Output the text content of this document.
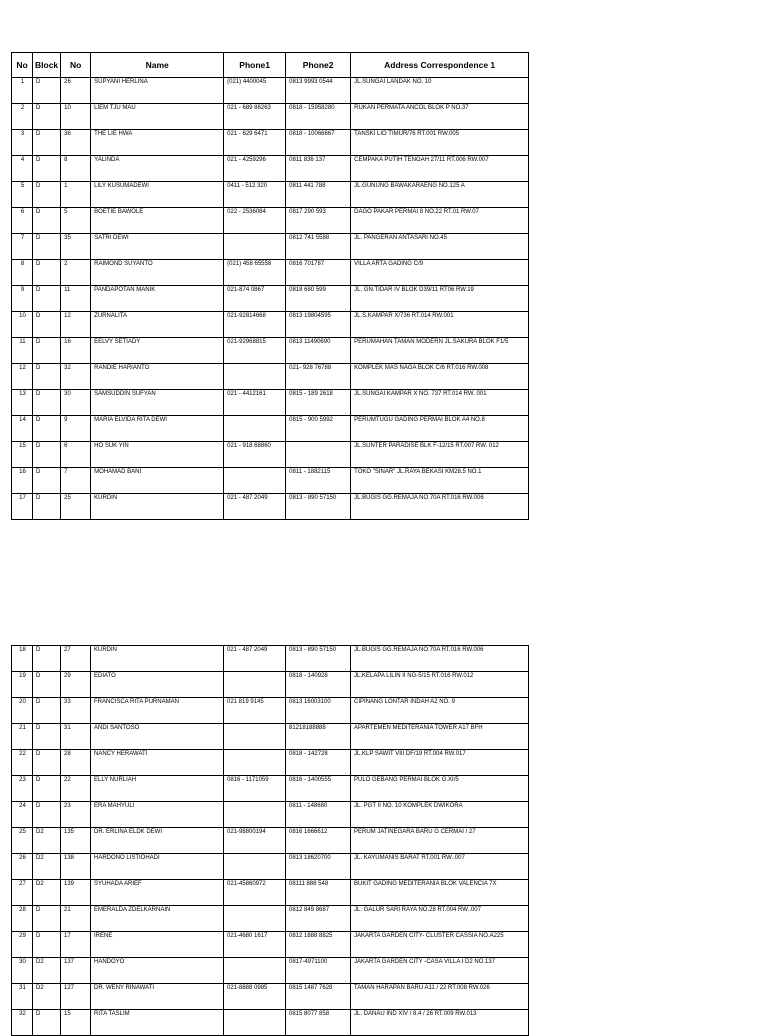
No	Block	No	Name	Phone1	Phone2	Address Correspondence 1
1	D	26	SUPYANI HERLINA	(021) 4400045	0813 9993 0544	JL.SUNGAI LANDAK NO. 10
2	D	10	LIEM TJU MAU	021 - 689 86263	0818 - 15958280	RUKAN PERMATA ANCOL BLOK P NO.37
3	D	36	THE LIE HWA	021 - 629 6471	0818 - 10066667	TANSKI LIO TIMUR/76 RT.001 RW.005
4	D	8	YALINDA	021 - 4259296	0811 836 137	CEMPAKA PUTIH TENGAH 27/11 RT.006 RW.007
5	D	1	LILY KUSUMADEWI	0411 - 512 320	0811 441 788	JL.GUNUNG BAWAKARAENG NO.125 A
6	D	5	BOETIE BAWOLE	022 - 2536084	0817 290 593	DAGO PAKAR PERMAI 8 NO.22 RT.01 RW.07
7	D	35	SATRI DEWI		0812 741 5588	JL. PANGERAN ANTASARI NO.45
8	D	2	RAIMOND SUYANTO	(021) 458 65558	0816 701787	VILLA ARTA GADING C/9
9	D	11	PANDAPOTAN MANIK	021-874 0867	0818 680 599	JL. GN.TIDAR IV BLOK D39/11 RT06 RW.19
10	D	12	ZURNALITA	021-92814668	0813 19804595	JL.S.KAMPAR X/736 RT.014 RW.001
11	D	16	EELVY SETIADY	021-92968815	0813 11490690	PERUMAHAN TAMAN MODERN JL.SAKURA BLOK F1/5
12	D	32	RANDIE HARIANTO		021- 928 76788	KOMPLEK MAS NAGA BLOK C/6 RT.016 RW.008
13	D	30	SAMSUDDIN SUFYAN	021 - 4412161	0815 - 189 2618	JL.SUNGAI KAMPAR X NO. 737 RT.014 RW. 001
14	D	9	MARIA ELVIDA RITA DEWI		0815 - 900 5992	PERUMTUGU GADING PERMAI BLOK A4 NO.8
15	D	6	HO SUK YIN	021 - 918 68860		JL.SUNTER PARADISE BLK F-12/15 RT.007 RW. 012
16	D	7	MOHAMAD BANI		0811 - 1882115	TOKO "SINAR" JL.RAYA BEKASI KM28.5 NO.1
17	D	25	KURDIN	021 - 487 2049	0813 - 890 57150	JL.BUGIS GG.REMAJA NO.70A RT.016 RW.006
18	D	27	KURDIN	021 - 487 2049	0813 - 890 57150	JL.BUGIS GG.REMAJA NO.70A RT.016 RW.006
19	D	29	EDIATO		0818 - 140928	JL.KELAPA LILIN II NG-5/15 RT.016 RW.012
20	D	33	FRANCISCA RITA PURNAMAN	021 819 9145	0813 16003100	CIPINANG LONTAR INDAH A2 NO. 9
21	D	31	ANDI SANTOSO		81218188888	APARTEMEN MEDITERANIA TOWER A17 BFH
22	D	28	NANCY HERAWATI		0818 - 142728	JL.KLP SAWIT VIII DF/19 RT.004 RW.017
23	D	22	ELLY NURLIAH	0816 - 1171059	0816 - 1400555	PULO GEBANG PERMAI BLOK G.XI/5
24	D	23	ERA MAHYULI		0811 - 148680	JL. PGT II NO. 10 KOMPLEK DWIKORA
25	D2	135	DR. ERLINA ELDK DEWI	021-98800194	0816 1666612	PERUM JATINEGARA BARU G CERMAI / 27
26	D2	138	HARDONO LISTIOHADI		0813 18620700	JL. KAYUMANIS BARAT RT.001 RW..007
27	D2	139	SYUHADA ARIEF	021-45860972	08111 888 548	BUKIT GADING MEDITERANIA BLOK VALENCIA 7X
28	D	21	EMERALDA ZDELKARNAIN		0812 849 8687	JL. GALUR SARI RAYA NO.28 RT.004 RW..007
29	D	17	IRENE	021-4680 1617	0812 1888 8825	JAKARTA GARDEN CITY- CLUSTER CASSIA NO.A225
30	D2	137	HANDOYO		0817-4971100	JAKARTA GARDEN CITY -CASA VILLA I D2 NO.137
31	D2	127	DR. WENY RINAWATI	021-8888 0985	0815 1487 7628	TAMAN HARAPAN BARU A11 / 22 RT.008 RW.026
32	D	15	RITA TASLIM		0815 8077 858	JL. DANAU IND XIV / 8.4 / 26 RT.009 RW.013
